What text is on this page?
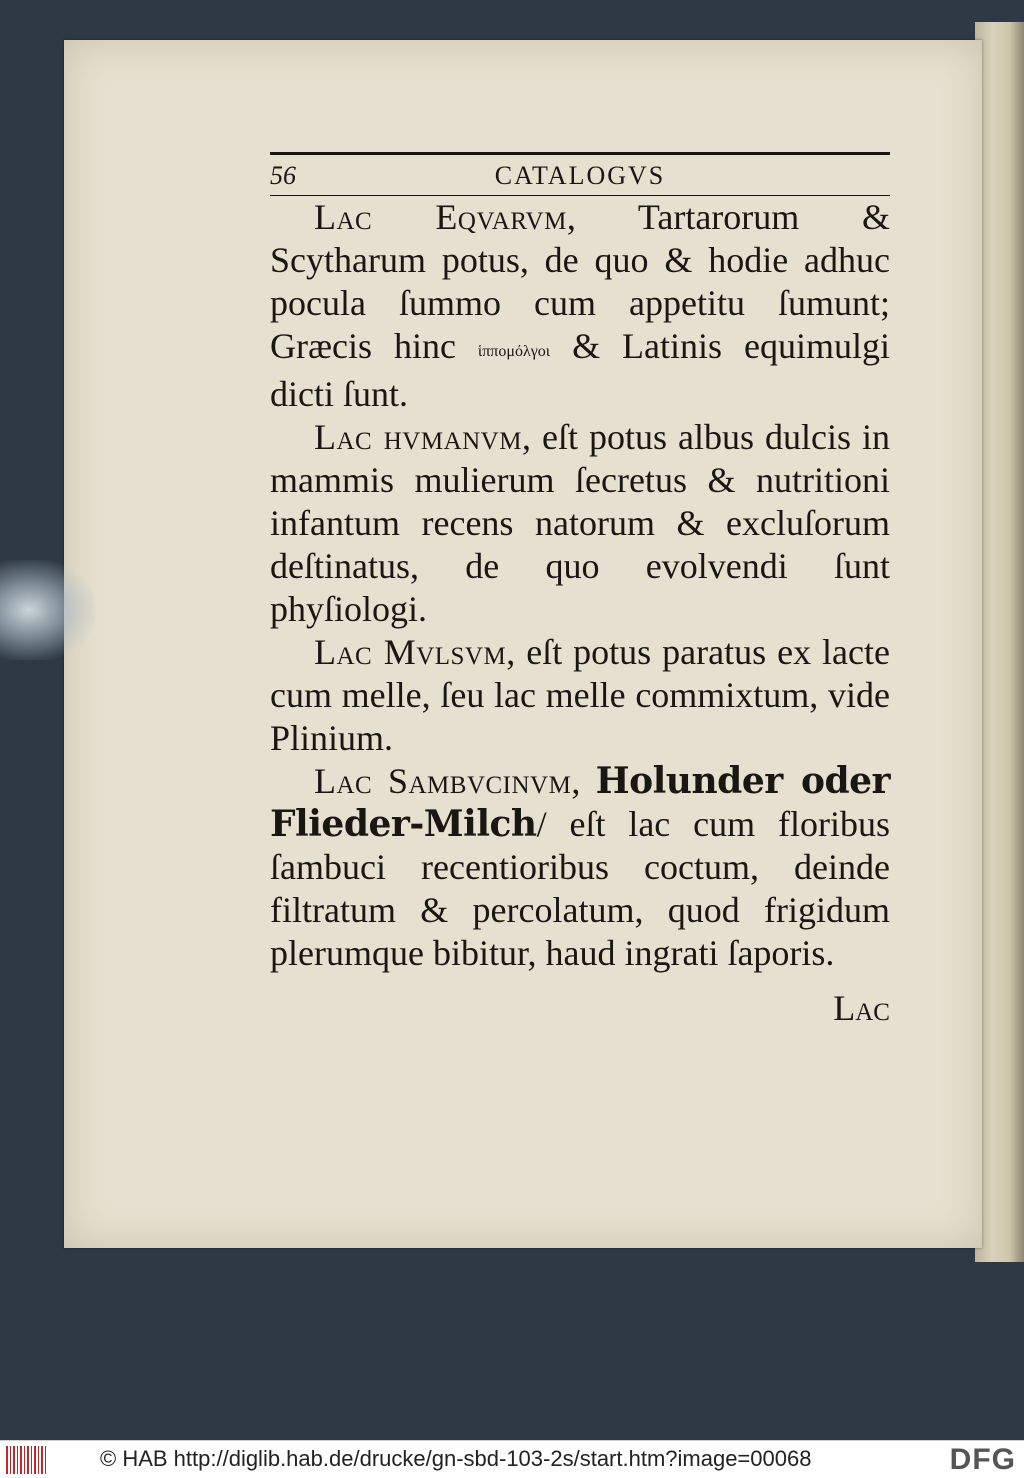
56	CATALOGVS

Lac Eqvarvm, Tartarorum & Scytharum potus, de quo & hodie adhuc pocula ſummo cum appetitu ſumunt; Græcis hinc ἱππομόλγοι & Latinis equimulgi dicti ſunt.

Lac hvmanvm, eſt potus albus dulcis in mammis mulierum ſecretus & nutritioni infantum recens natorum & excluſorum deſtinatus, de quo evolvendi ſunt phyſiologi.

Lac Mvlsvm, eſt potus paratus ex lacte cum melle, ſeu lac melle commixtum, vide Plinium.

Lac Sambvcinvm, Holunder oder Flieder-Milch/ eſt lac cum floribus ſambuci recentioribus coctum, deinde filtratum & percolatum, quod frigidum plerumque bibitur, haud ingrati ſaporis.

Lac
© HAB http://diglib.hab.de/drucke/gn-sbd-103-2s/start.htm?image=00068	DFG
